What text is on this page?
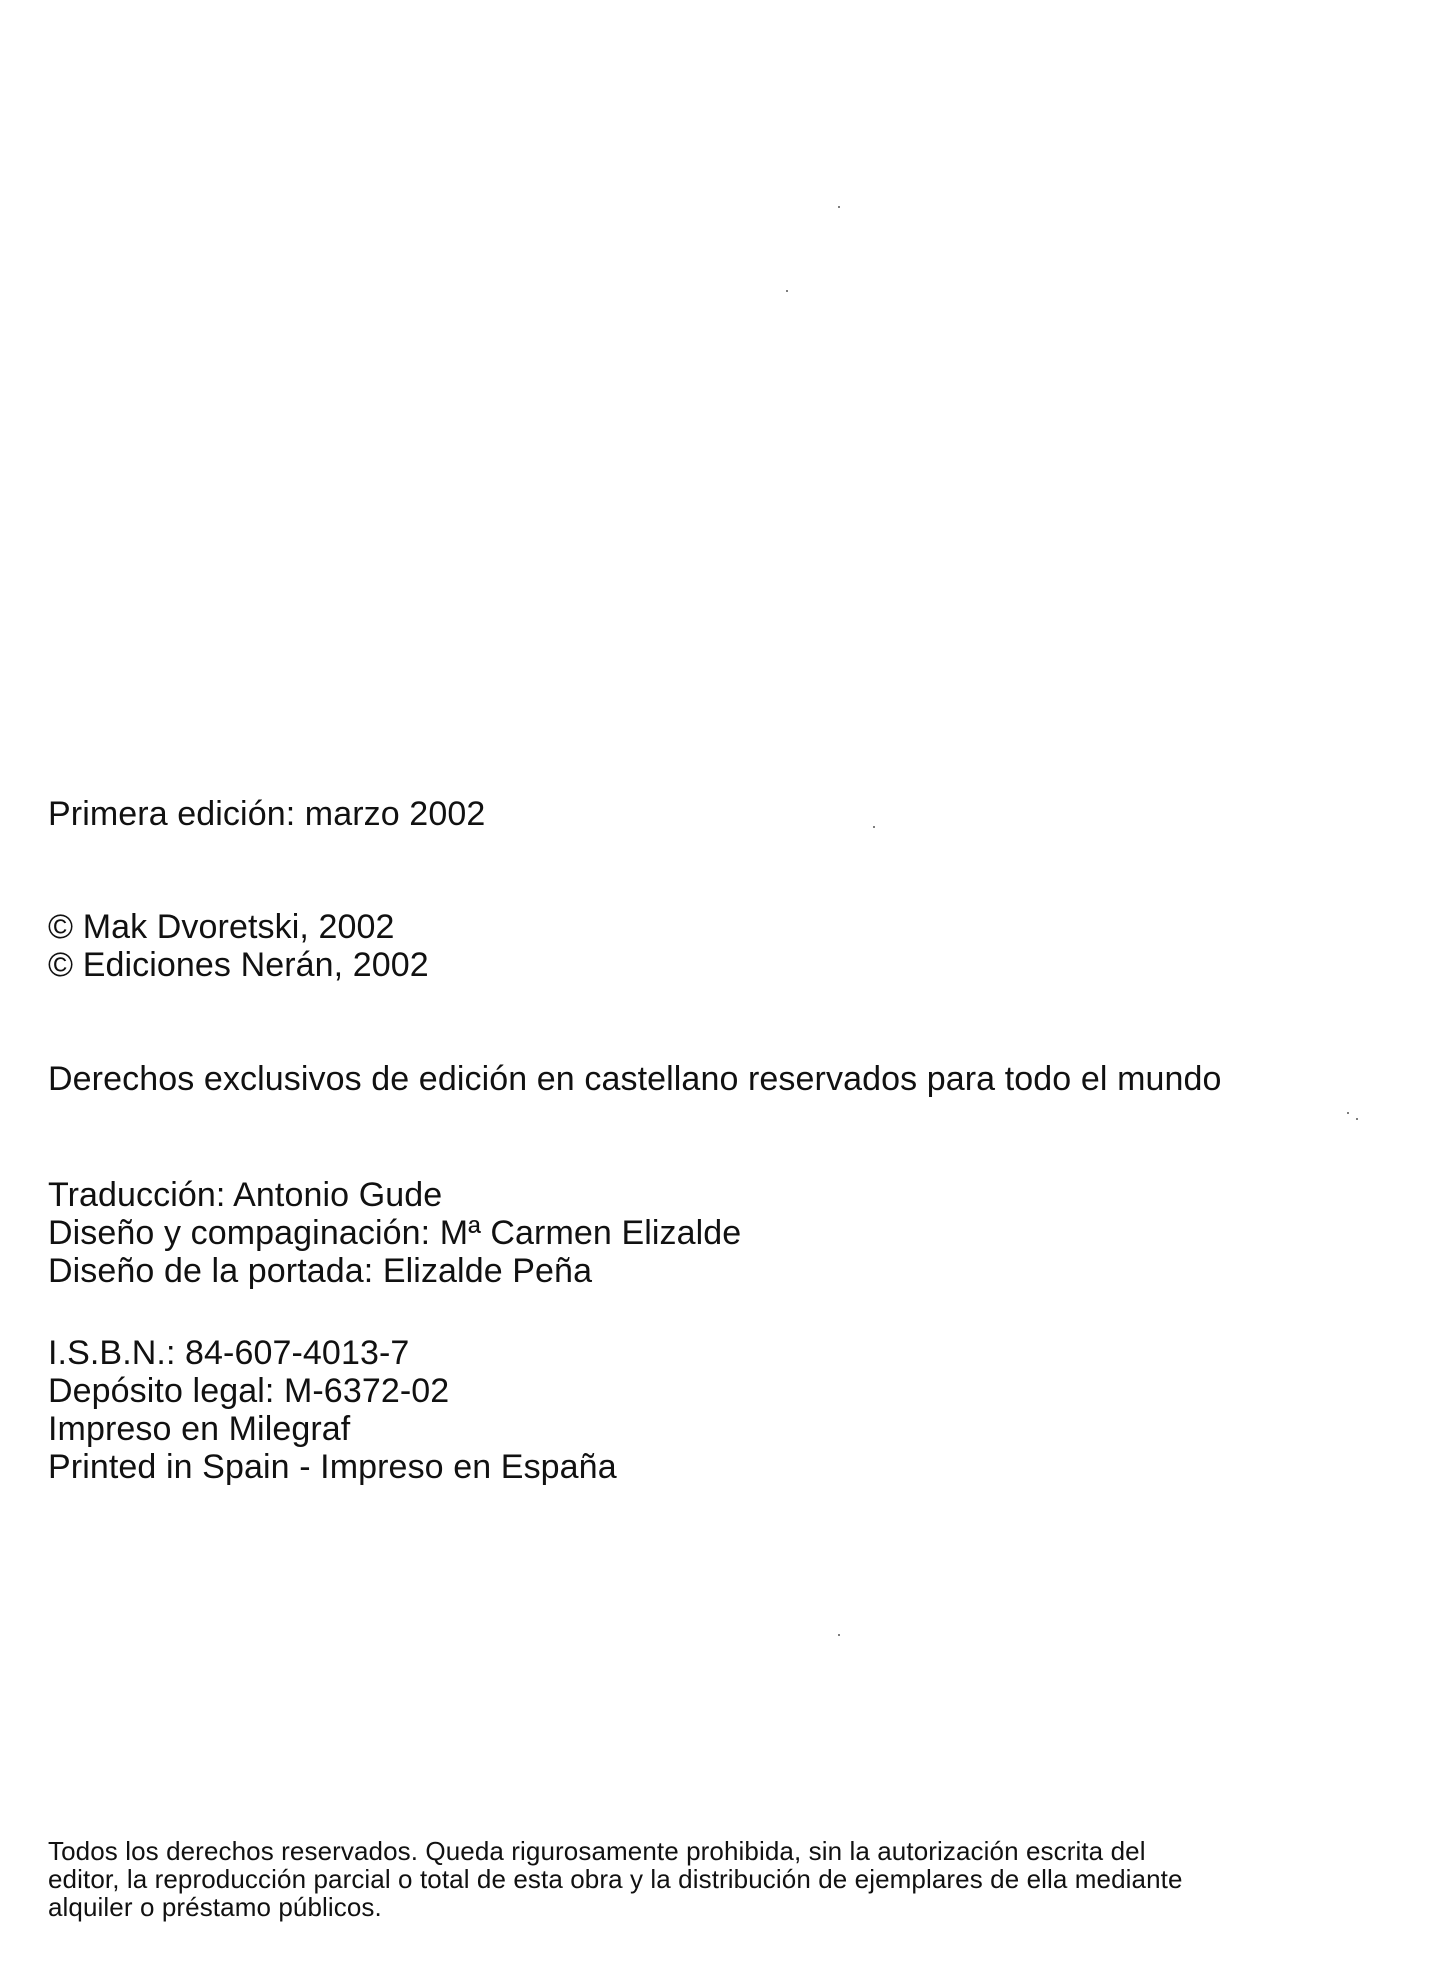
Primera edición: marzo 2002
© Mak Dvoretski, 2002
© Ediciones Nerán, 2002
Derechos exclusivos de edición en castellano reservados para todo el mundo
Traducción: Antonio Gude
Diseño y compaginación: Mª Carmen Elizalde
Diseño de la portada: Elizalde Peña
I.S.B.N.: 84-607-4013-7
Depósito legal: M-6372-02
Impreso en Milegraf
Printed in Spain - Impreso en España
Todos los derechos reservados. Queda rigurosamente prohibida, sin la autorización escrita del
editor, la reproducción parcial o total de esta obra y la distribución de ejemplares de ella mediante
alquiler o préstamo públicos.
